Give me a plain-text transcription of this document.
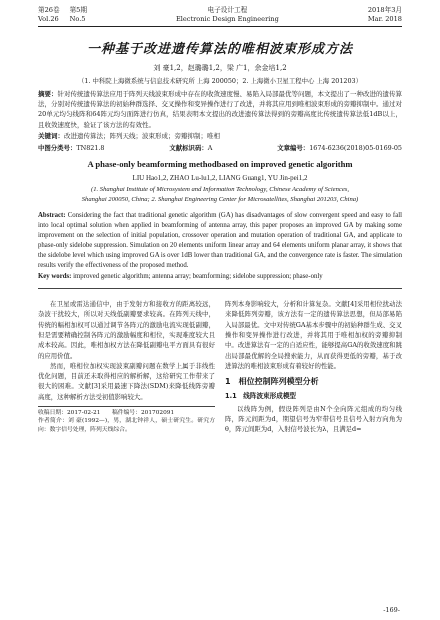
第26卷
Vol.26
第5期
No.5
电子设计工程
Electronic Design Engineering
2018年3月
Mar. 2018
一种基于改进遗传算法的唯相波束形成方法
刘 豪1,2，赵璐璐1,2，梁 广1，余金培1,2
（1. 中科院上海微系统与信息技术研究所 上海 200050；2. 上海微小卫星工程中心 上海 201203）
摘要：针对传统遗传算法应用于阵列天线波束形成中存在的收敛速度慢、易陷入局部最优等问题，本文提出了一种改进的遗传算法，分别对传统遗传算法的初始种群选择、交叉操作和变异操作进行了改进，并将其应用到唯相波束形成的旁瓣抑制中。通过对20单元均匀线阵和64阵元均匀面阵进行仿真，结果表明本文提出的改进遗传算法得到的旁瓣高度比传统遗传算法低1dB以上，且收敛速度快，验证了该方法的有效性。
关键词：改进遗传算法；阵列天线；波束形成；旁瓣抑制；唯相
中图分类号：TN821.8	文献标识码：A	文章编号：1674-6236(2018)05-0169-05
A phase-only beamforming methodbased on improved genetic algorithm
LIU Hao1,2, ZHAO Lu-lu1,2, LIANG Guang1, YU Jin-pei1,2
(1. Shanghai Institute of Microsystem and Information Technology, Chinese Academy of Sciences,
Shanghai 200050, China; 2. Shanghai Engineering Center for Microsatellites, Shanghai 201203, China)
Abstract: Considering the fact that traditional genetic algorithm (GA) has disadvantages of slow convergent speed and easy to fall into local optimal solution when applied in beamforming of antenna array, this paper proposes an improved GA by making some improvement on the selection of initial population, crossover operation and mutation operation of traditional GA, and applicate to phase-only sidelobe suppression. Simulation on 20 elements uniform linear array and 64 elements uniform planar array, it shows that the sidelobe level which using improved GA is over 1dB lower than traditional GA, and the convergence rate is faster. The simulation results verify the effectiveness of the proposed method.
Key words: improved genetic algorithm; antenna array; beamforming; sidelobe suppression; phase-only

在卫星或雷达通信中，由于发射方和接收方的距离较远，杂波干扰较大，所以对天线低副瓣要求较高。在阵列天线中，传统的幅相加权可以通过调节各阵元的激励电流实现低副瓣，但是需要精确控制各阵元的激励幅度和相位，实现难度较大且成本较高。因此，唯相加权方法在降低副瓣电平方面具有很好的应用价值。

然而，唯相位加权实现波束副瓣问题在数学上属于非线性优化问题，目前还未取得相应的解析解，这给研究工作带来了很大的困难。文献[3]采用最速下降法(SDM)来降低线阵旁瓣高度，这种解析方法受初值影响较大。

收稿日期：2017-02-21　　稿件编号：201702091
作者简介：刘 豪(1992—)，男，湖北钟祥人，硕士研究生。研究方向：数字信号处理，阵列天线综合。

阵列本身影响较大，分析和计算复杂。文献[4]采用相位扰动法来降低阵列旁瓣，该方法有一定的遗传算法思想，但局部易陷入局部最优。文中对传统GA基本步骤中的初始种群生成、交叉操作和变异操作进行改进，并将其用于唯相加权的旁瓣抑制中。改进算法有一定的自适应性，能够提高GA的收敛速度和跳出局部最优解的全局搜索能力，从而获得更低的旁瓣，基于改进算法的唯相波束形成有着较好的性能。

1　相位控制阵列模型分析
1.1　线阵波束形成模型

以线阵为例，假设阵列是由N个全向阵元组成的均匀线阵，阵元间距为d，期望信号为窄带信号且信号入射方向角为θ，阵元间距为d，入射信号波长为λ，且满足d=

-169-
